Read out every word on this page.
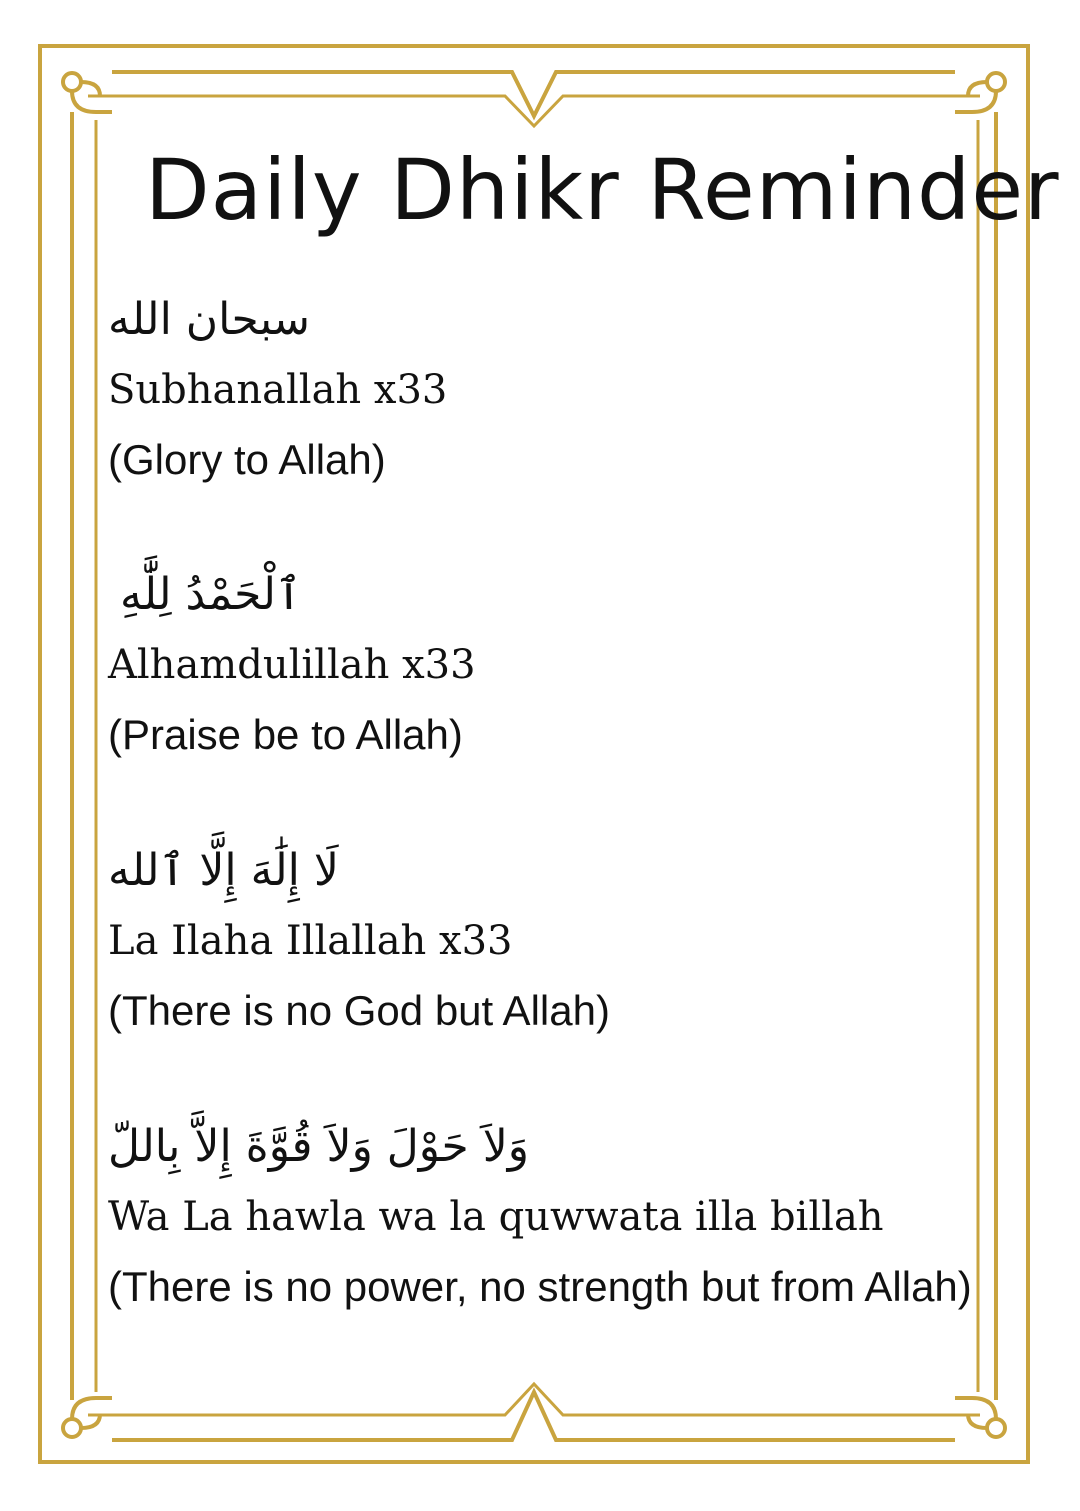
Daily Dhikr Reminder
سبحان الله
Subhanallah x33
(Glory to Allah)
ٱلْحَمْدُ لِلَّٰهِ
Alhamdulillah x33
(Praise be to Allah)
لَا إِلَٰهَ إِلَّا ٱلله
La Ilaha Illallah x33
(There is no God but Allah)
وَلاَ حَوْلَ وَلاَ قُوَّةَ إِلاَّ بِاللّ
Wa La hawla wa la quwwata illa billah
(There is no power, no strength but from Allah)
